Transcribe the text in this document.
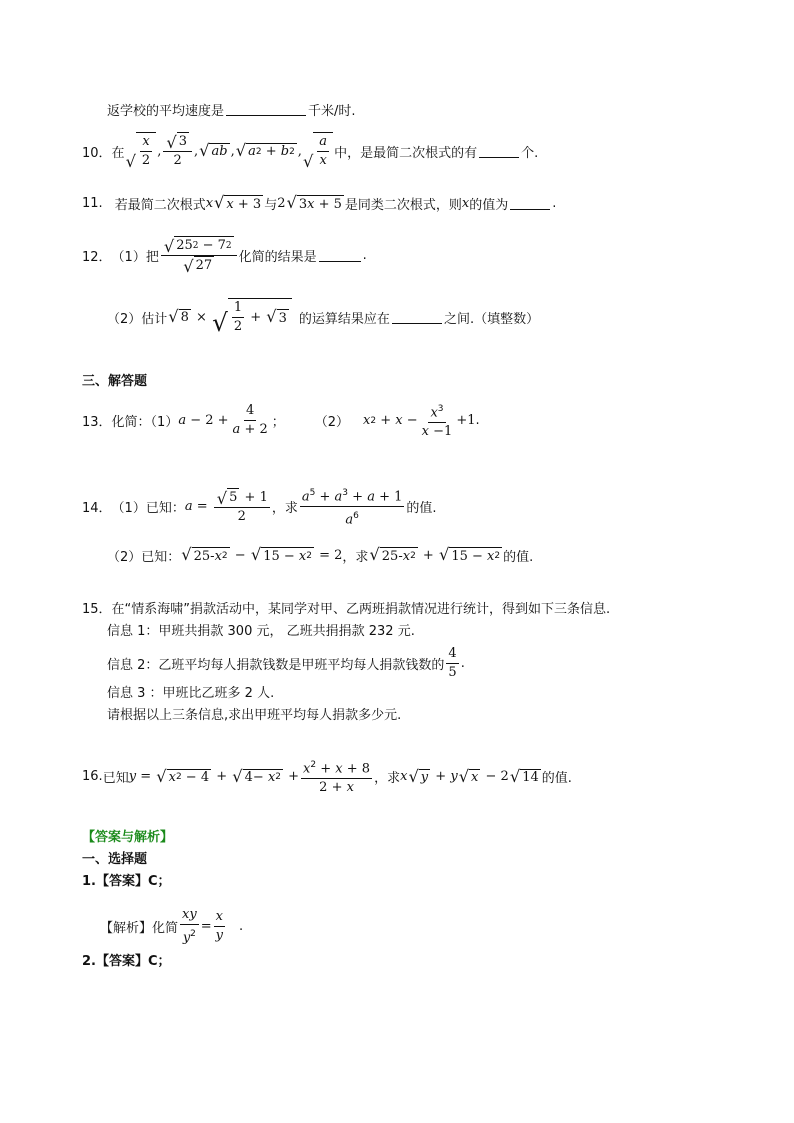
返学校的平均速度是	千米/时.
10． 在 √ $\frac{x}{2}$ , $\frac{√ 3}{2}$ , √ ab , √ a 2 + b 2 ,
√ $\frac{a}{x}$ 中，是最简二次根式的有	个.
11. 若最简二次根式 x √ x + 3 与 2 √ 3 x + 5 是同类二次根式，则 x 的值为	.
12． （1）把 $\frac{√ 25 2 - 7 2}{√ 27}$ 化简的结果是	.
（2）估计 √ 8 × √ $\frac{1}{2}$ + √ 3 的运算结果应在	之间.（填整数）
三、解答题
13． 化简：（1） $a - 2 + \frac{4}{a + 2}$ ； （2） x $2 + x - \frac{x^3}{x -1} +1$ .
14． （1）已知： $a = \frac{√ 5 + 1}{2}$ ，求 $\frac{a^5 + a^3 + a + 1}{a^6}$ 的值.
（2）已知： √ 25- x 2 − √ 15 − x 2 = 2 ，求 √ 25- x 2 + √ 15 − x 2 的值.
15．在“情系海啸”捐款活动中，某同学对甲、乙两班捐款情况进行统计，得到如下三条信息.
信息 1：甲班共捐款 300 元， 乙班共捐捐款 232 元.
信息 2：乙班平均每人捐款钱数是甲班平均每人捐款钱数的 $\frac{4}{5}$ .
信息 3 ：甲班比乙班多 2 人.
请根据以上三条信息,求出甲班平均每人捐款多少元.
16. 已知 y = √ x 2 − 4 + √ 4− x $2 + \frac{x^2 + x + 8}{2 + x}$ ，求 x √ y + y √ x − 2 √ 14 的值.
【答案与解析】
一、选择题
1.【答案】C；
【解析】化简 $\frac{xy}{y^2} = \frac{x}{y}$ .
2.【答案】C；
